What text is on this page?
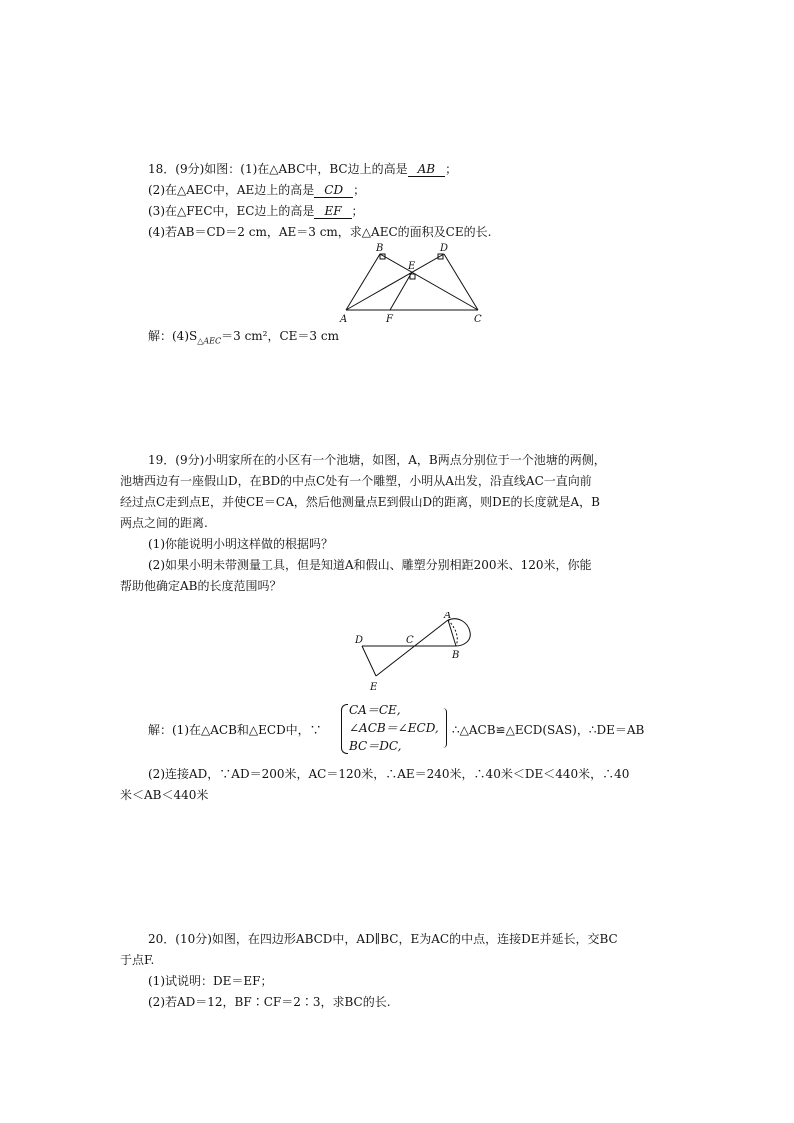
18．(9分)如图：(1)在△ABC中，BC边上的高是 AB ；
(2)在△AEC中，AE边上的高是 CD ；
(3)在△FEC中，EC边上的高是 EF ；
(4)若AB＝CD＝2 cm，AE＝3 cm，求△AEC的面积及CE的长.
B	D
E
A	F	C
解：$(4)S_{\triangle AEC}=3$ cm²，CE＝3 cm
19．(9分)小明家所在的小区有一个池塘，如图，A，B两点分别位于一个池塘的两侧，
池塘西边有一座假山D，在BD的中点C处有一个雕塑，小明从A出发，沿直线AC一直向前
经过点C走到点E，并使CE＝CA，然后他测量点E到假山D的距离，则DE的长度就是A，B
两点之间的距离.
(1)你能说明小明这样做的根据吗？
(2)如果小明未带测量工具，但是知道A和假山、雕塑分别相距200米、120米，你能
帮助他确定AB的长度范围吗？
A
D	C
B
E
解：(1)在△ACB和△ECD中，∵
CA＝CE,
∠ACB＝∠ECD,
BC＝DC,
∴△ACB≌△ECD(SAS)，∴DE＝AB
(2)连接AD，∵AD＝200米，AC＝120米，∴AE＝240米，∴40米＜DE＜440米，∴40
米＜AB＜440米
20．(10分)如图，在四边形ABCD中，AD∥BC，E为AC的中点，连接DE并延长，交BC
于点F.
(1)试说明：DE＝EF；
(2)若AD＝12，BF∶CF＝2∶3，求BC的长.
